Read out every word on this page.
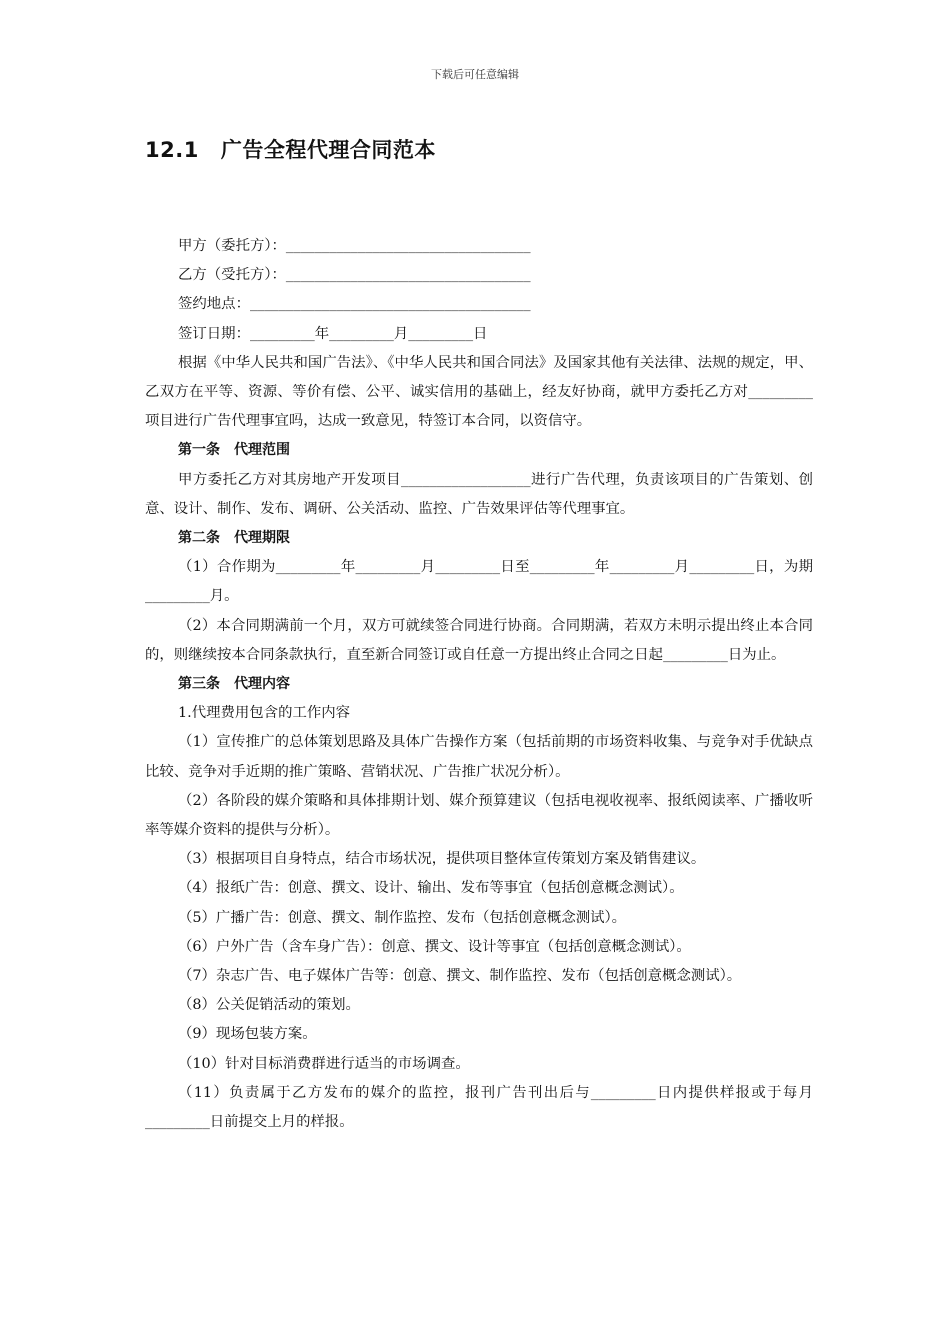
下载后可任意编辑
12.1 广告全程代理合同范本

甲方（委托方）：__________________________________

乙方（受托方）：__________________________________

签约地点：_______________________________________

签订日期：_________年_________月_________日

根据《中华人民共和国广告法》、《中华人民共和国合同法》及国家其他有关法律、法规的规定，甲、乙双方在平等、资源、等价有偿、公平、诚实信用的基础上，经友好协商，就甲方委托乙方对_________项目进行广告代理事宜吗，达成一致意见，特签订本合同，以资信守。

第一条　代理范围

甲方委托乙方对其房地产开发项目__________________进行广告代理，负责该项目的广告策划、创意、设计、制作、发布、调研、公关活动、监控、广告效果评估等代理事宜。

第二条　代理期限

（1）合作期为_________年_________月_________日至_________年_________月_________日，为期_________月。

（2）本合同期满前一个月，双方可就续签合同进行协商。合同期满，若双方未明示提出终止本合同的，则继续按本合同条款执行，直至新合同签订或自任意一方提出终止合同之日起_________日为止。

第三条　代理内容

1.代理费用包含的工作内容

（1）宣传推广的总体策划思路及具体广告操作方案（包括前期的市场资料收集、与竞争对手优缺点比较、竞争对手近期的推广策略、营销状况、广告推广状况分析）。

（2）各阶段的媒介策略和具体排期计划、媒介预算建议（包括电视收视率、报纸阅读率、广播收听率等媒介资料的提供与分析）。

（3）根据项目自身特点，结合市场状况，提供项目整体宣传策划方案及销售建议。

（4）报纸广告：创意、撰文、设计、输出、发布等事宜（包括创意概念测试）。

（5）广播广告：创意、撰文、制作监控、发布（包括创意概念测试）。

（6）户外广告（含车身广告）：创意、撰文、设计等事宜（包括创意概念测试）。

（7）杂志广告、电子媒体广告等：创意、撰文、制作监控、发布（包括创意概念测试）。

（8）公关促销活动的策划。

（9）现场包装方案。

（10）针对目标消费群进行适当的市场调查。

（11）负责属于乙方发布的媒介的监控，报刊广告刊出后与_________日内提供样报或于每月_________日前提交上月的样报。
